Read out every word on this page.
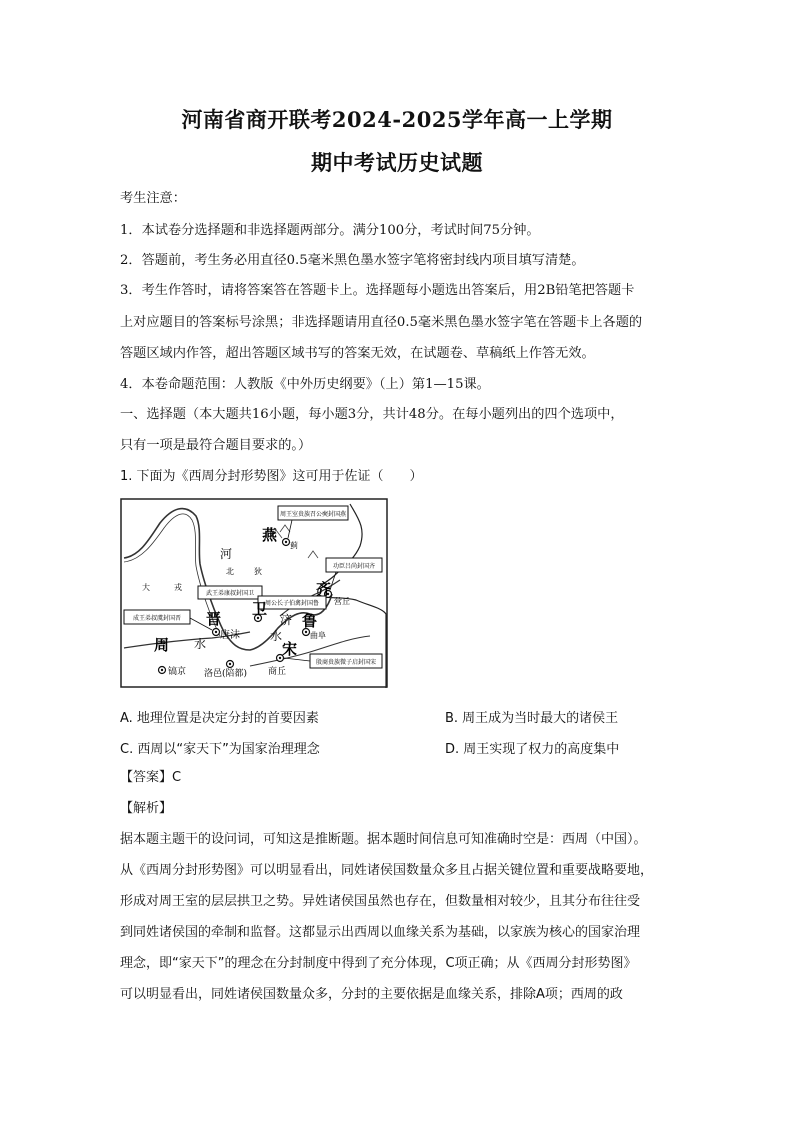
河南省商开联考2024-2025学年高一上学期
期中考试历史试题
考生注意：
1．本试卷分选择题和非选择题两部分。满分100分，考试时间75分钟。
2．答题前，考生务必用直径0.5毫米黑色墨水签字笔将密封线内项目填写清楚。
3．考生作答时，请将答案答在答题卡上。选择题每小题选出答案后，用2B铅笔把答题卡
上对应题目的答案标号涂黑；非选择题请用直径0.5毫米黑色墨水签字笔在答题卡上各题的
答题区域内作答，超出答题区域书写的答案无效，在试题卷、草稿纸上作答无效。
4．本卷命题范围：人教版《中外历史纲要》（上）第1—15课。
一、选择题（本大题共16小题，每小题3分，共计48分。在每小题列出的四个选项中，
只有一项是最符合题目要求的。）
1. 下面为《西周分封形势图》这可用于佐证（　　）
周王室贵族召公奭封国燕
功臣吕尚封国齐
武王弟康叔封国卫
周公长子伯禽封国鲁
成王弟叔虞封国晋
殷商贵族微子启封国宋
燕
蓟
河
北	狄
大	戎	齐
营丘
晋
唐沫
卫
鲁
曲阜
济
水
宋
周 水
镐京 洛邑(陪都) 商丘
A. 地理位置是决定分封的首要因素	B. 周王成为当时最大的诸侯王
C. 西周以“家天下”为国家治理理念	D. 周王实现了权力的高度集中
【答案】C
【解析】
据本题主题干的设问词，可知这是推断题。据本题时间信息可知准确时空是：西周（中国）。
从《西周分封形势图》可以明显看出，同姓诸侯国数量众多且占据关键位置和重要战略要地，
形成对周王室的层层拱卫之势。异姓诸侯国虽然也存在，但数量相对较少，且其分布往往受
到同姓诸侯国的牵制和监督。这都显示出西周以血缘关系为基础，以家族为核心的国家治理
理念，即“家天下”的理念在分封制度中得到了充分体现，C项正确；从《西周分封形势图》
可以明显看出，同姓诸侯国数量众多，分封的主要依据是血缘关系，排除A项；西周的政
